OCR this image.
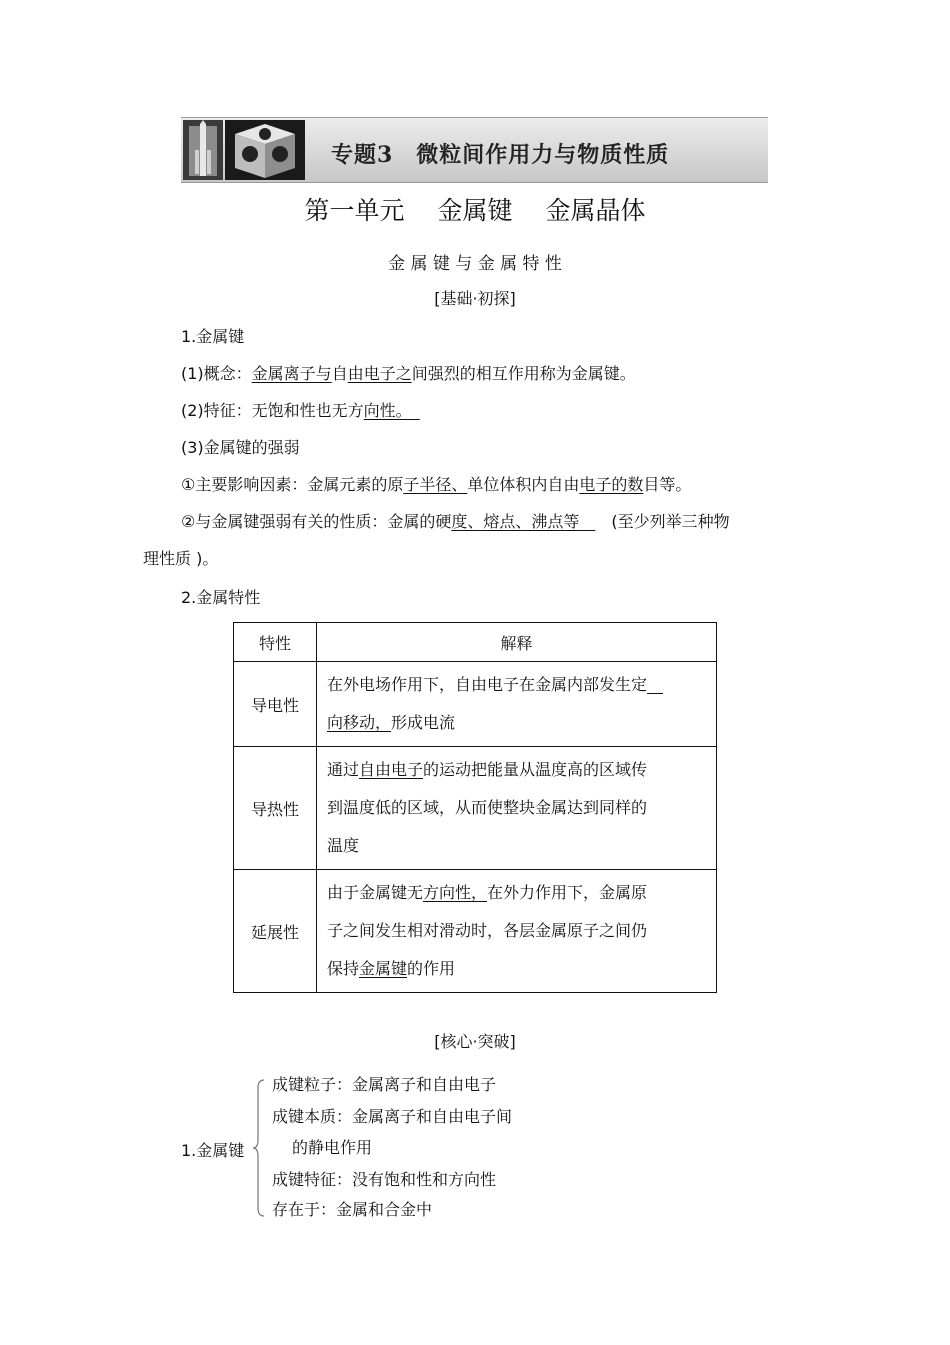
专题3　微粒间作用力与物质性质
第一单元　 金属键　 金属晶体
金 属 键 与 金 属 特 性
[基础·初探]
1.金属键
(1)概念：金属离子与自由电子之间强烈的相互作用称为金属键。
(2)特征：无饱和性也无方向性。　
(3)金属键的强弱
①主要影响因素：金属元素的原子半径、单位体积内自由电子的数目等。
②与金属键强弱有关的性质：金属的硬度、熔点、沸点等　　(至少列举三种物
理性质 )。
2.金属特性
特性	解释
导电性	在外电场作用下，自由电子在金属内部发生定　
向移动，形成电流

导热性	通过自由电子的运动把能量从温度高的区域传
到温度低的区域，从而使整块金属达到同样的
温度

延展性	由于金属键无方向性，在外力作用下，金属原
子之间发生相对滑动时，各层金属原子之间仍
保持金属键的作用
[核心·突破]
1.金属键
成键粒子：金属离子和自由电子
成键本质：金属离子和自由电子间
的静电作用
成键特征：没有饱和性和方向性
存在于：金属和合金中
